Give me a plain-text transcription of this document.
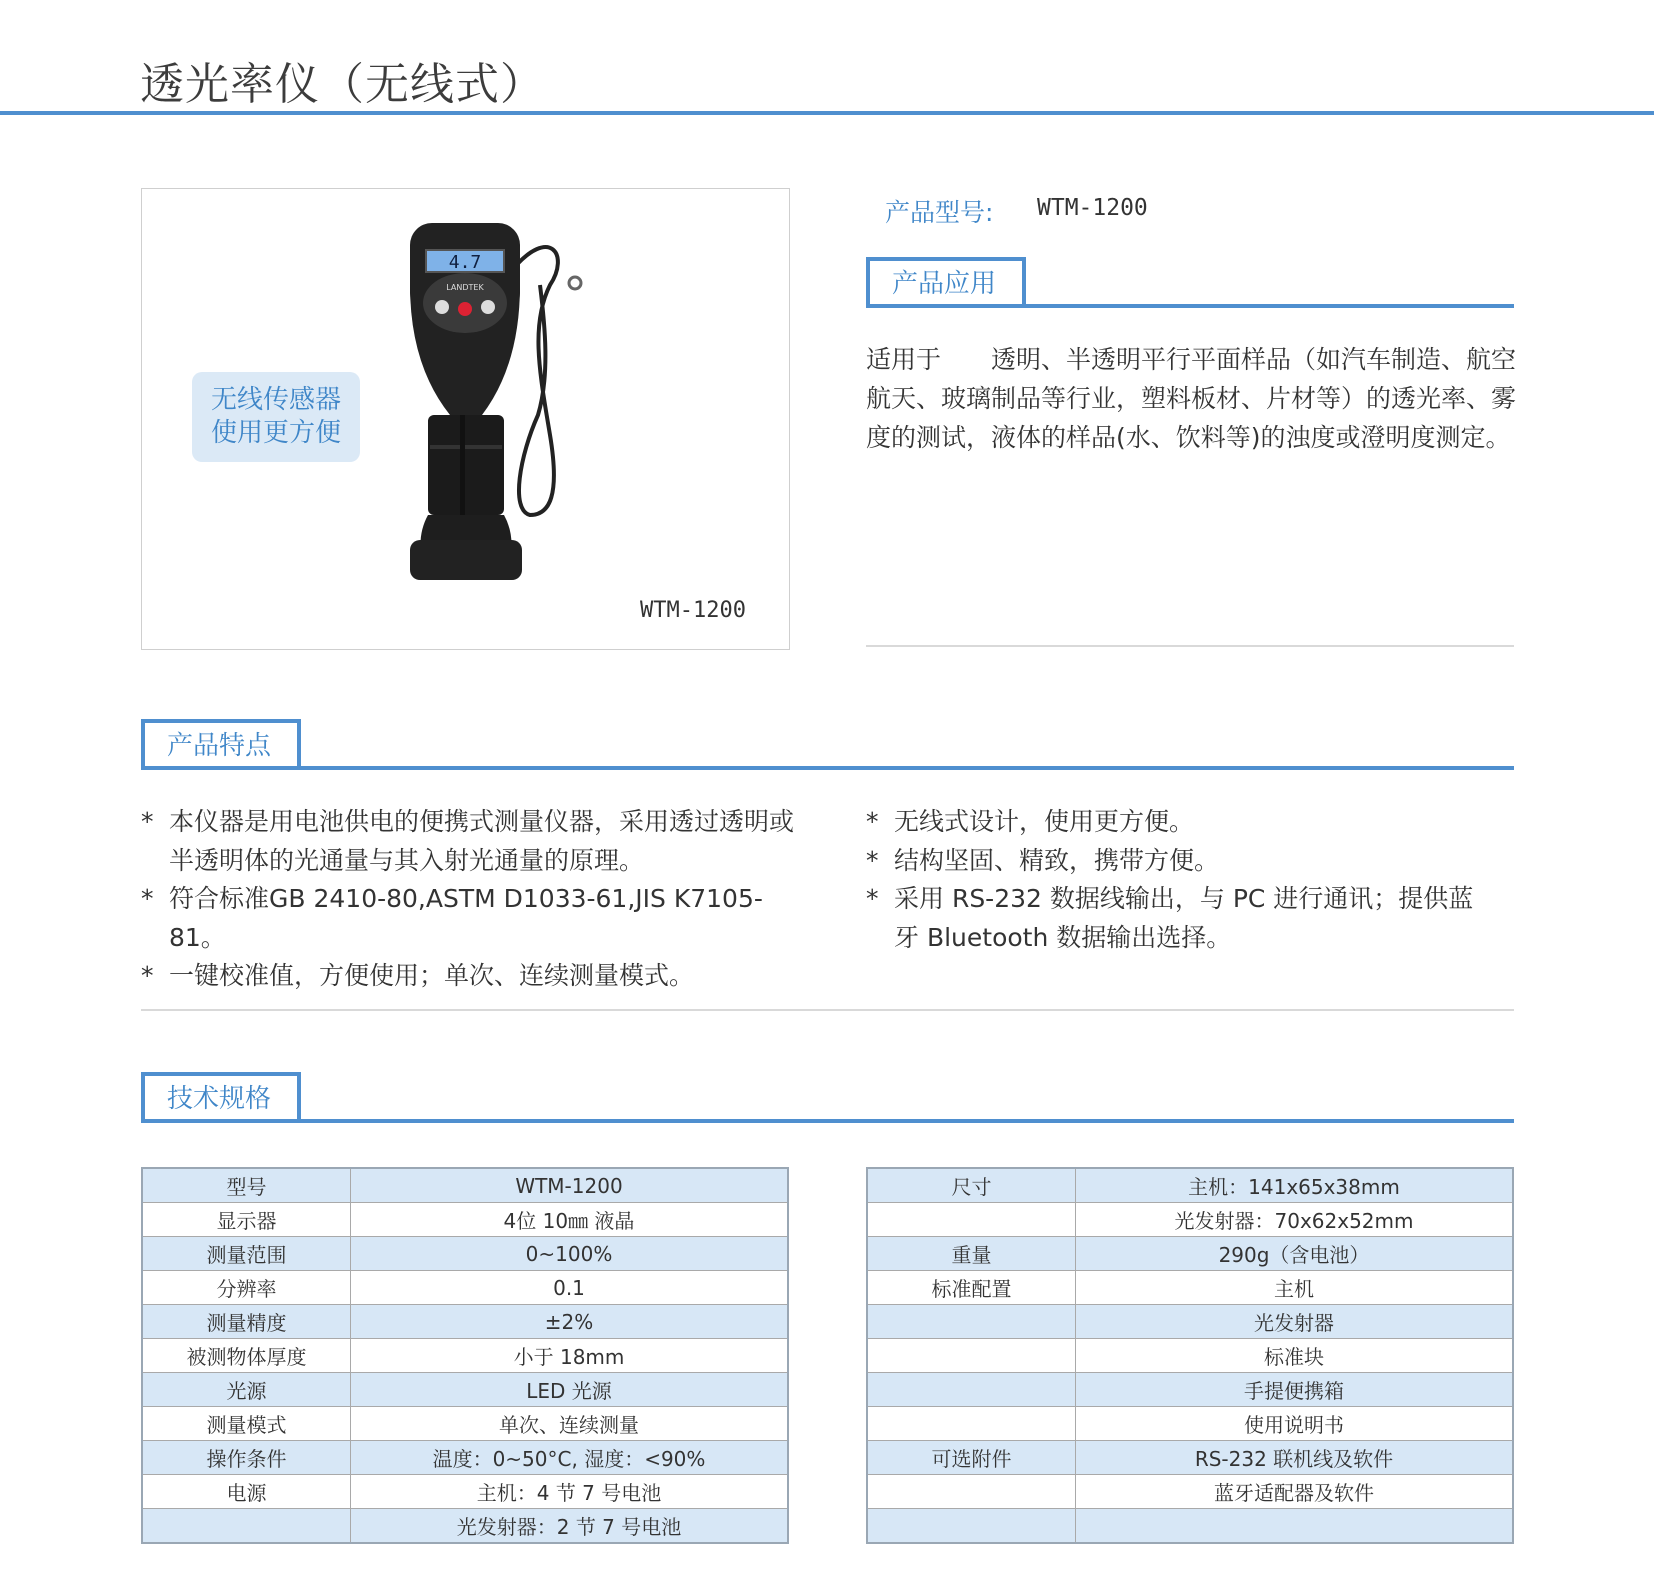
透光率仪（无线式）
4.7
LANDTEK
无线传感器
使用更方便
WTM-1200
产品型号: WTM-1200
产品应用
适用于　　透明、半透明平行平面样品（如汽车制造、航空航天、玻璃制品等行业，塑料板材、片材等）的透光率、雾度的测试，液体的样品(水、饮料等)的浊度或澄明度测定。
产品特点
* 本仪器是用电池供电的便携式测量仪器，采用透过透明或半透明体的光通量与其入射光通量的原理。
* 符合标准GB 2410-80,ASTM D1033-61,JIS K7105-81。
* 一键校准值，方便使用；单次、连续测量模式。
* 无线式设计，使用更方便。
* 结构坚固、精致，携带方便。
* 采用 RS-232 数据线输出，与 PC 进行通讯；提供蓝牙 Bluetooth 数据输出选择。
技术规格
型号	WTM-1200
显示器	4位 10㎜ 液晶
测量范围	0~100%
分辨率	0.1
测量精度	±2%
被测物体厚度	小于 18mm
光源	LED 光源
测量模式	单次、连续测量
操作条件	温度：0~50°C, 湿度：<90%
电源	主机：4 节 7 号电池
	光发射器：2 节 7 号电池
尺寸	主机：141x65x38mm
	光发射器：70x62x52mm
重量	290g（含电池）
标准配置	主机
	光发射器
	标准块
	手提便携箱
	使用说明书
可选附件	RS-232 联机线及软件
	蓝牙适配器及软件
